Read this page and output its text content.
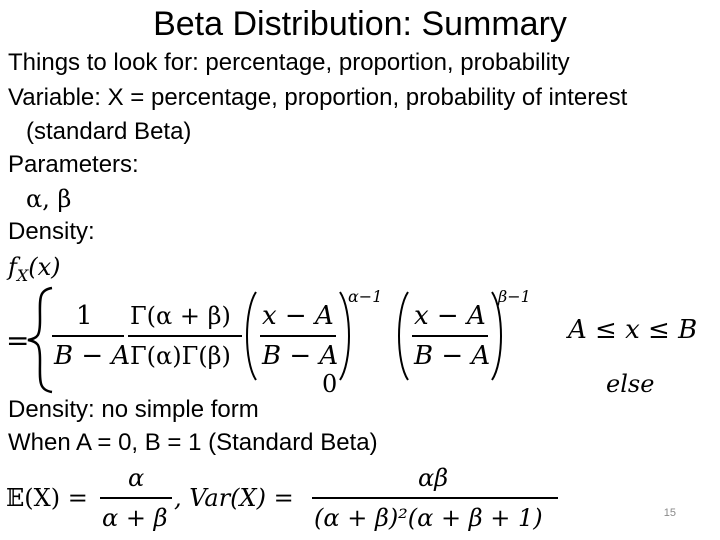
Beta Distribution: Summary
Things to look for: percentage, proportion, probability
Variable: X = percentage, proportion, probability of interest
(standard Beta)
Parameters:
α, β
Density:
$f_X(x)$
=
1
B − A
Γ(α + β)
Γ(α)Γ(β)
x − A
B − A
α−1
x − A
B − A
β−1
A ≤ x ≤ B
0	else
Density: no simple form
When A = 0, B = 1 (Standard Beta)
𝔼(X) =
α
α + β
, Var(X) =
αβ
(α + β)²(α + β + 1)	15
